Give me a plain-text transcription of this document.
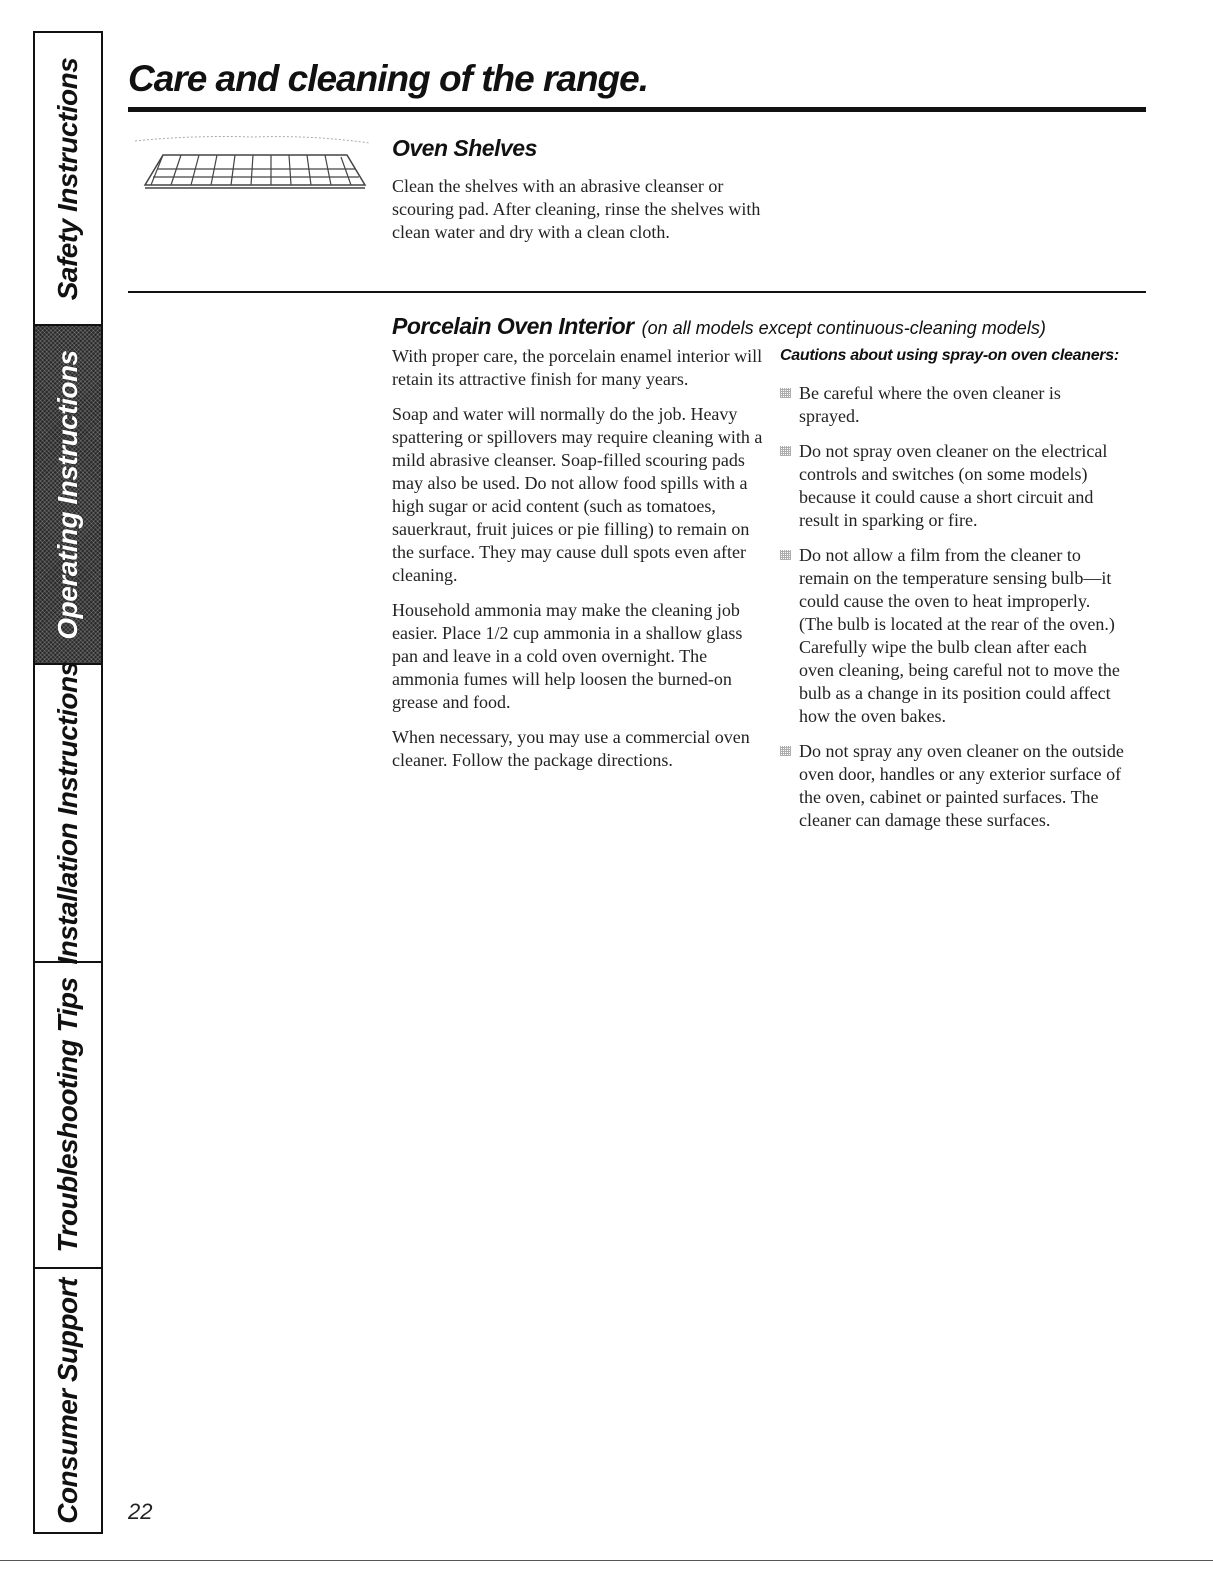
Safety Instructions
Operating Instructions
Installation Instructions
Troubleshooting Tips
Consumer Support
Care and cleaning of the range.
Oven Shelves
Clean the shelves with an abrasive cleanser or scouring pad. After cleaning, rinse the shelves with clean water and dry with a clean cloth.
Porcelain Oven Interior (on all models except continuous-cleaning models)

With proper care, the porcelain enamel interior will retain its attractive finish for many years.

Soap and water will normally do the job. Heavy spattering or spillovers may require cleaning with a mild abrasive cleanser. Soap-filled scouring pads may also be used. Do not allow food spills with a high sugar or acid content (such as tomatoes, sauerkraut, fruit juices or pie filling) to remain on the surface. They may cause dull spots even after cleaning.

Household ammonia may make the cleaning job easier. Place 1/2 cup ammonia in a shallow glass pan and leave in a cold oven overnight. The ammonia fumes will help loosen the burned-on grease and food.

When necessary, you may use a commercial oven cleaner. Follow the package directions.

Cautions about using spray-on oven cleaners:
Be careful where the oven cleaner is sprayed.
Do not spray oven cleaner on the electrical controls and switches (on some models) because it could cause a short circuit and result in sparking or fire.
Do not allow a film from the cleaner to remain on the temperature sensing bulb—it could cause the oven to heat improperly. (The bulb is located at the rear of the oven.) Carefully wipe the bulb clean after each oven cleaning, being careful not to move the bulb as a change in its position could affect how the oven bakes.
Do not spray any oven cleaner on the outside oven door, handles or any exterior surface of the oven, cabinet or painted surfaces. The cleaner can damage these surfaces.
22
